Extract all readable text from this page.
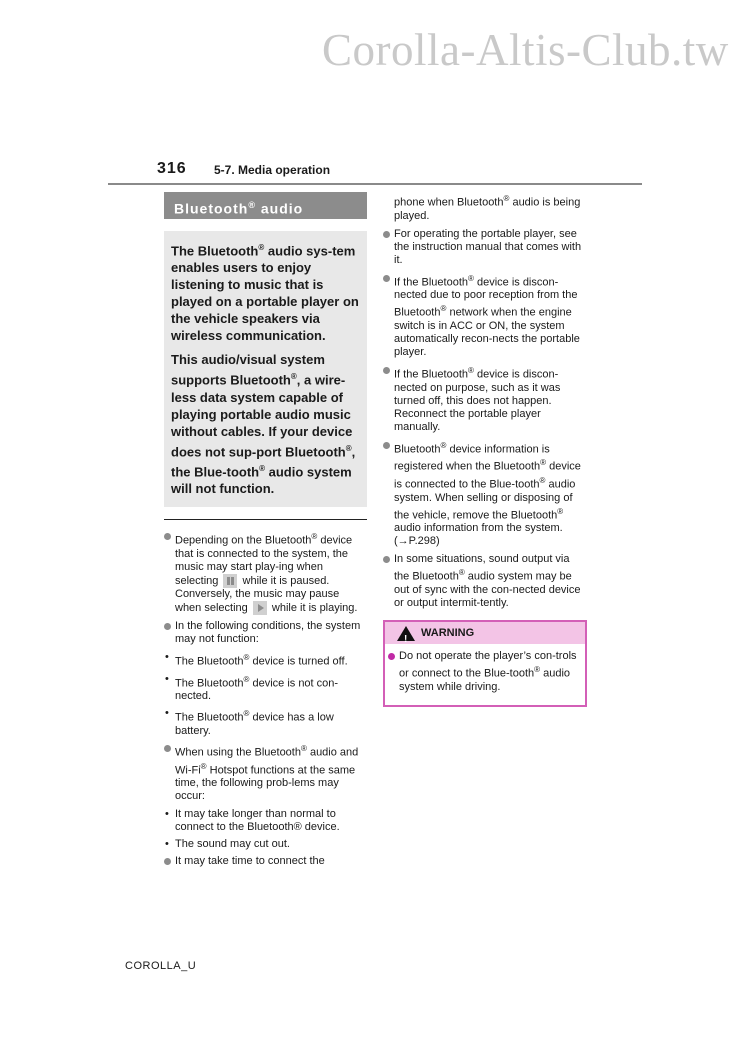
Corolla-Altis-Club.tw
316 5-7. Media operation
Bluetooth® audio

The Bluetooth® audio sys-tem enables users to enjoy listening to music that is played on a portable player on the vehicle speakers via wireless communication.

This audio/visual system supports Bluetooth®, a wire-less data system capable of playing portable audio music without cables. If your device does not sup-port Bluetooth®, the Blue-tooth® audio system will not function.

Depending on the Bluetooth® device that is connected to the system, the music may start play-ing when selecting  while it is paused. Conversely, the music may pause when selecting  while it is playing.
In the following conditions, the system may not function:
• The Bluetooth® device is turned off.
• The Bluetooth® device is not con-nected.
• The Bluetooth® device has a low battery.
When using the Bluetooth® audio and Wi-Fi® Hotspot functions at the same time, the following prob-lems may occur:
• It may take longer than normal to connect to the Bluetooth® device.
• The sound may cut out.
It may take time to connect the
phone when Bluetooth® audio is being played.
For operating the portable player, see the instruction manual that comes with it.
If the Bluetooth® device is discon-nected due to poor reception from the Bluetooth® network when the engine switch is in ACC or ON, the system automatically recon-nects the portable player.
If the Bluetooth® device is discon-nected on purpose, such as it was turned off, this does not happen. Reconnect the portable player manually.
Bluetooth® device information is registered when the Bluetooth® device is connected to the Blue-tooth® audio system. When selling or disposing of the vehicle, remove the Bluetooth® audio information from the system. (→P.298)
In some situations, sound output via the Bluetooth® audio system may be out of sync with the con-nected device or output intermit-tently.
!
WARNING
Do not operate the player’s con-trols or connect to the Blue-tooth® audio system while driving.
COROLLA_U
